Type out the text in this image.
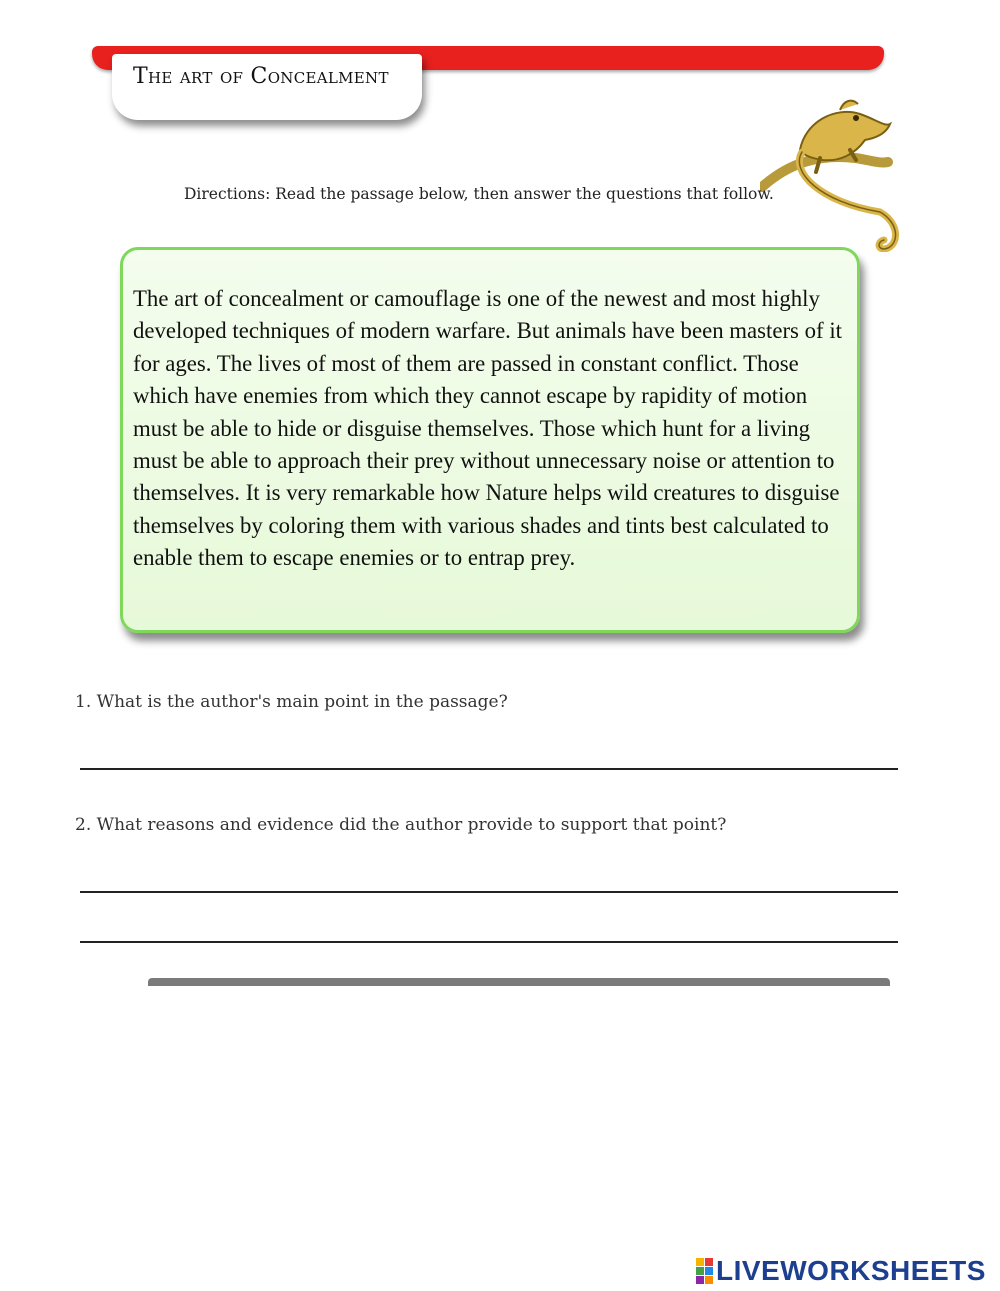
The art of Concealment
Directions: Read the passage below, then answer the questions that follow.

The art of concealment or camouflage is one of the newest and most highly developed techniques of modern warfare. But animals have been masters of it for ages. The lives of most of them are passed in constant conflict. Those which have enemies from which they cannot escape by rapidity of motion must be able to hide or disguise themselves. Those which hunt for a living must be able to approach their prey without unnecessary noise or attention to themselves. It is very remarkable how Nature helps wild creatures to disguise themselves by coloring them with various shades and tints best calculated to enable them to escape enemies or to entrap prey.

1. What is the author's main point in the passage?
2. What reasons and evidence did the author provide to support that point?
LIVEWORKSHEETS
